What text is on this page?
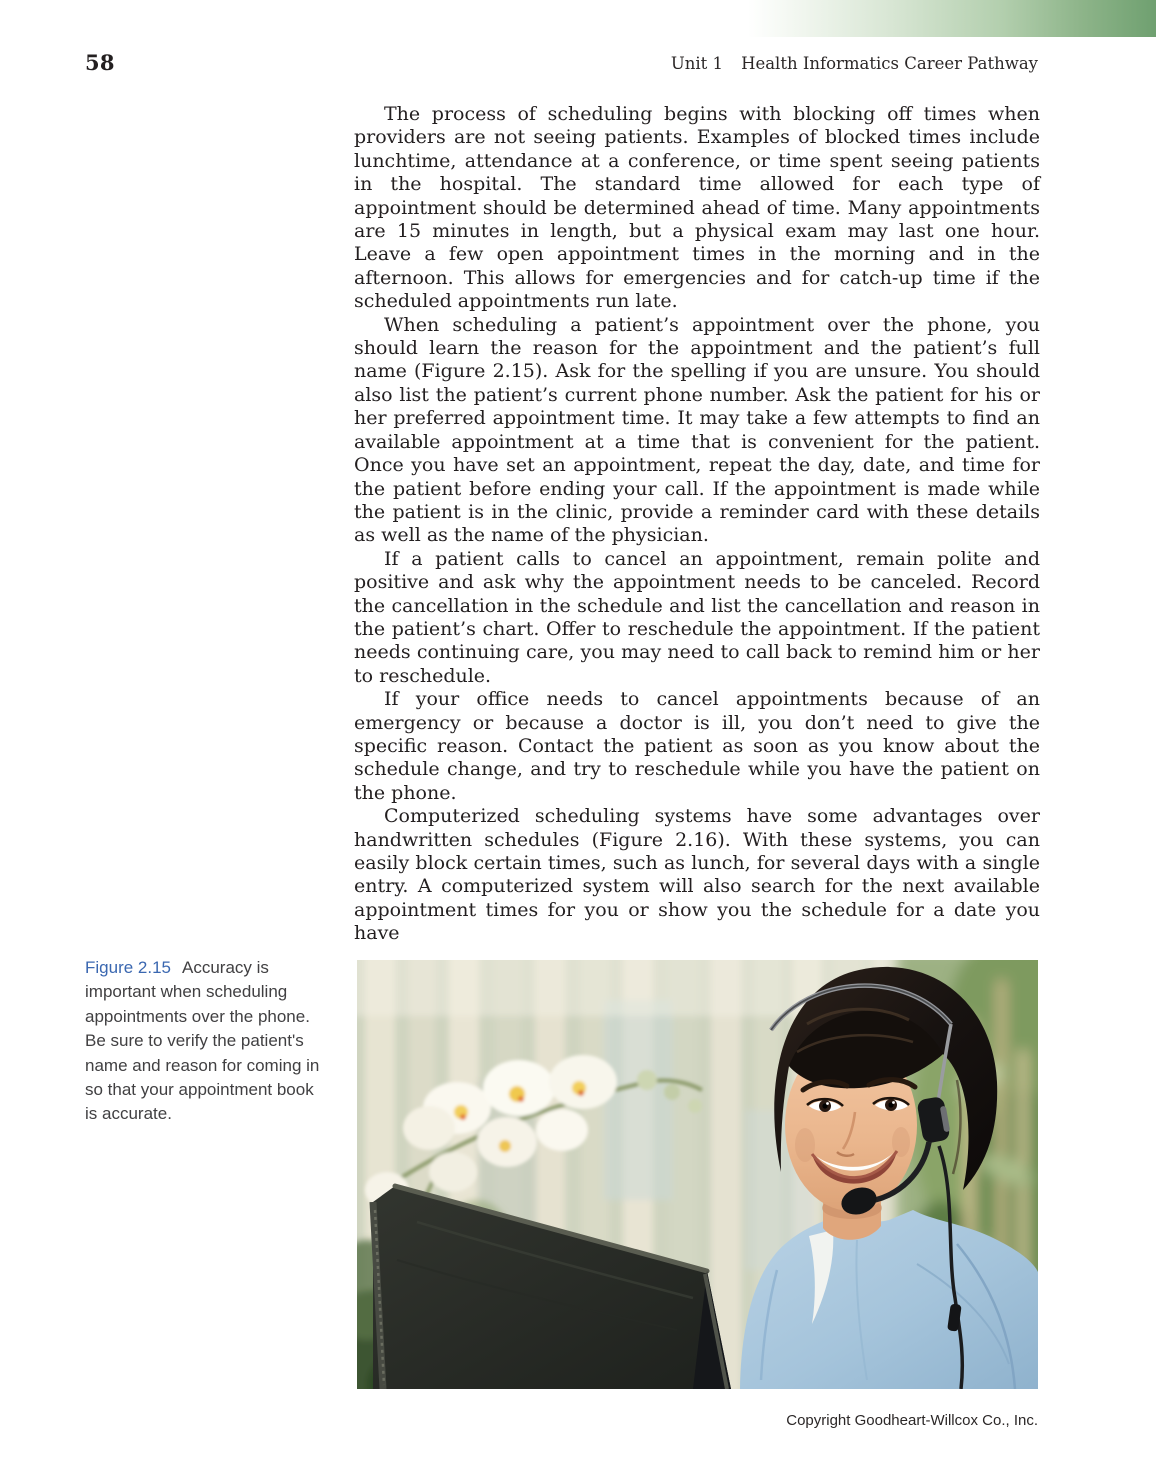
58	Unit 1 Health Informatics Career Pathway

The process of scheduling begins with blocking off times when providers are not seeing patients. Examples of blocked times include lunchtime, attendance at a conference, or time spent seeing patients in the hospital. The standard time allowed for each type of appointment should be determined ahead of time. Many appointments are 15 minutes in length, but a physical exam may last one hour. Leave a few open appointment times in the morning and in the afternoon. This allows for emergencies and for catch-up time if the scheduled appointments run late.

When scheduling a patient’s appointment over the phone, you should learn the reason for the appointment and the patient’s full name (Figure 2.15). Ask for the spelling if you are unsure. You should also list the patient’s current phone number. Ask the patient for his or her preferred appointment time. It may take a few attempts to find an available appointment at a time that is convenient for the patient. Once you have set an appointment, repeat the day, date, and time for the patient before ending your call. If the appointment is made while the patient is in the clinic, provide a reminder card with these details as well as the name of the physician.

If a patient calls to cancel an appointment, remain polite and positive and ask why the appointment needs to be canceled. Record the cancellation in the schedule and list the cancellation and reason in the patient’s chart. Offer to reschedule the appointment. If the patient needs continuing care, you may need to call back to remind him or her to reschedule.

If your office needs to cancel appointments because of an emergency or because a doctor is ill, you don’t need to give the specific reason. Contact the patient as soon as you know about the schedule change, and try to reschedule while you have the patient on the phone.

Computerized scheduling systems have some advantages over handwritten schedules (Figure 2.16). With these systems, you can easily block certain times, such as lunch, for several days with a single entry. A computerized system will also search for the next available appointment times for you or show you the schedule for a date you have

Figure 2.15 Accuracy is important when scheduling appointments over the phone. Be sure to verify the patient's name and reason for coming in so that your appointment book is accurate.
Copyright Goodheart-Willcox Co., Inc.
